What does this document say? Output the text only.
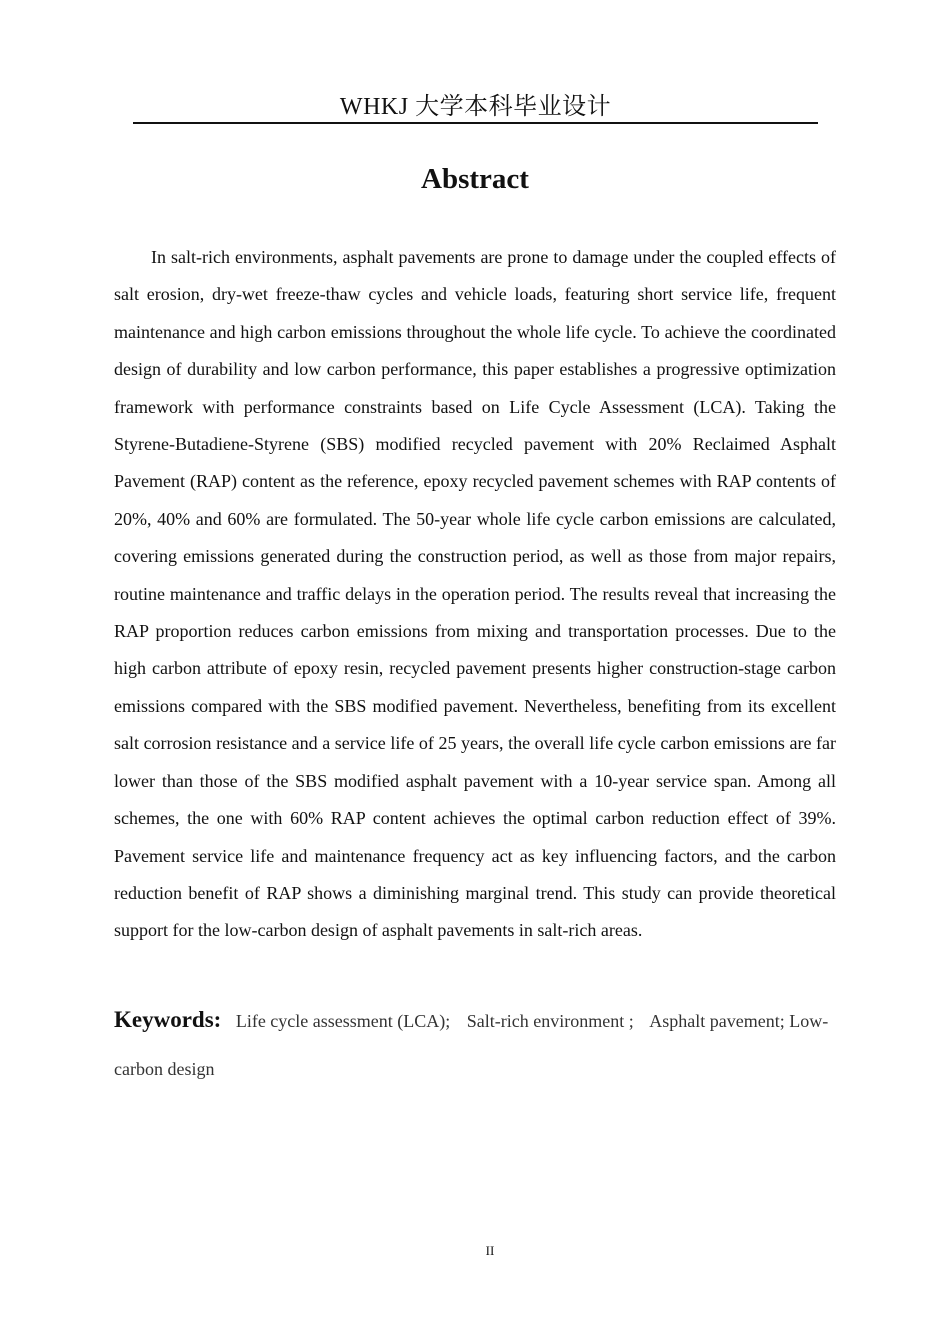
WHKJ 大学本科毕业设计
Abstract

In salt-rich environments, asphalt pavements are prone to damage under the coupled effects of salt erosion, dry-wet freeze-thaw cycles and vehicle loads, featuring short service life, frequent maintenance and high carbon emissions throughout the whole life cycle. To achieve the coordinated design of durability and low carbon performance, this paper establishes a progressive optimization framework with performance constraints based on Life Cycle Assessment (LCA). Taking the Styrene-Butadiene-Styrene (SBS) modified recycled pavement with 20% Reclaimed Asphalt Pavement (RAP) content as the reference, epoxy recycled pavement schemes with RAP contents of 20%, 40% and 60% are formulated. The 50-year whole life cycle carbon emissions are calculated, covering emissions generated during the construction period, as well as those from major repairs, routine maintenance and traffic delays in the operation period. The results reveal that increasing the RAP proportion reduces carbon emissions from mixing and transportation processes. Due to the high carbon attribute of epoxy resin, recycled pavement presents higher construction-stage carbon emissions compared with the SBS modified pavement. Nevertheless, benefiting from its excellent salt corrosion resistance and a service life of 25 years, the overall life cycle carbon emissions are far lower than those of the SBS modified asphalt pavement with a 10-year service span. Among all schemes, the one with 60% RAP content achieves the optimal carbon reduction effect of 39%. Pavement service life and maintenance frequency act as key influencing factors, and the carbon reduction benefit of RAP shows a diminishing marginal trend. This study can provide theoretical support for the low-carbon design of asphalt pavements in salt-rich areas.

Keywords: Life cycle assessment (LCA); Salt-rich environment ; Asphalt pavement; Low-carbon design

II
